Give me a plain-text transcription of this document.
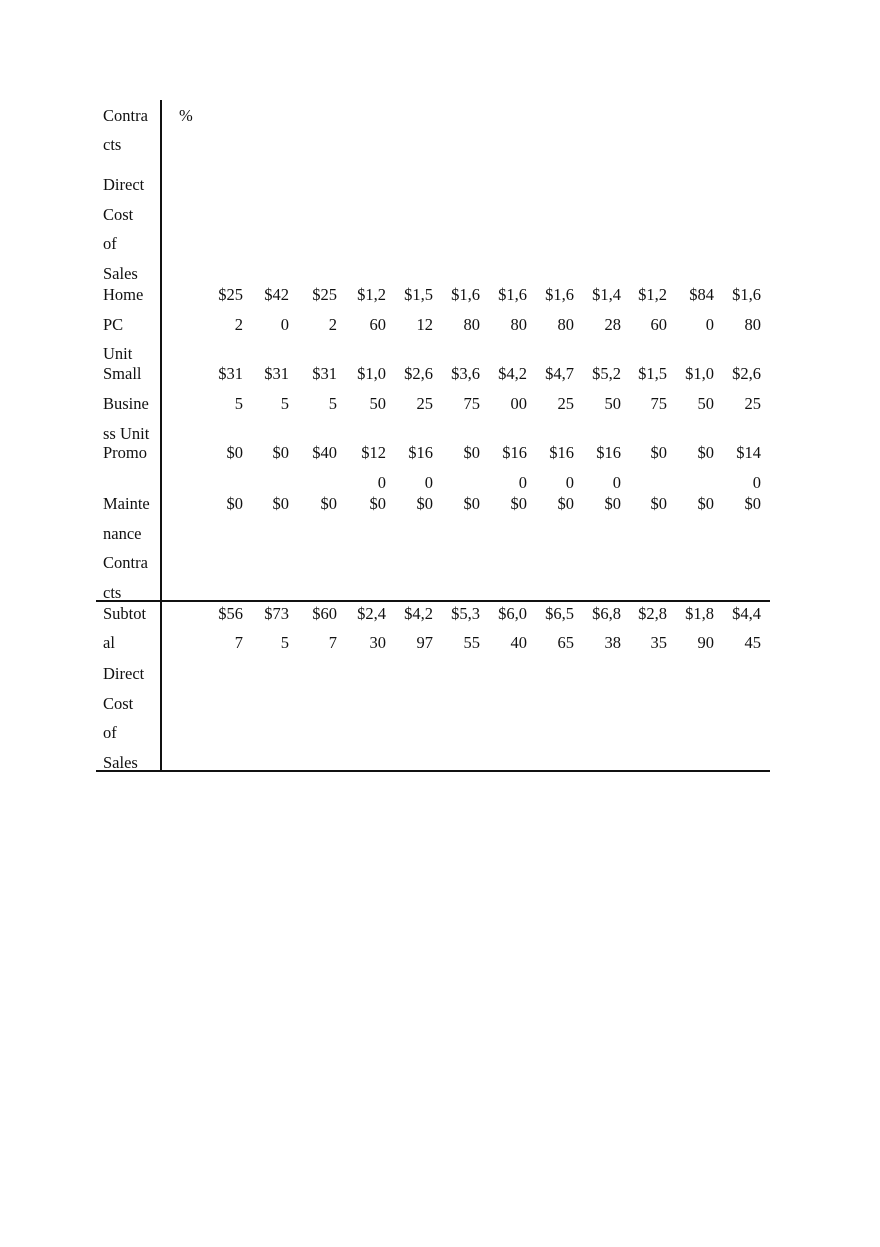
Contra
cts
%
Direct
Cost
of
Sales
Home
PC
Unit
Small
Busine
ss Unit
Promo
Mainte
nance
Contra
cts
Subtot
al
Direct
Cost
of
Sales
$25
2
$42
0
$25
2
$1,2
60
$1,5
12
$1,6
80
$1,6
80
$1,6
80
$1,4
28
$1,2
60
$84
0
$1,6
80
$31
5
$31
5
$31
5
$1,0
50
$2,6
25
$3,6
75
$4,2
00
$4,7
25
$5,2
50
$1,5
75
$1,0
50
$2,6
25
$0 $0 $40 $12
0
$16
0
$0 $16
0
$16
0
$16
0
$0 $0 $14
0
$0 $0 $0 $0 $0 $0 $0 $0 $0 $0 $0 $0
$56
7
$73
5
$60
7
$2,4
30
$4,2
97
$5,3
55
$6,0
40
$6,5
65
$6,8
38
$2,8
35
$1,8
90
$4,4
45
